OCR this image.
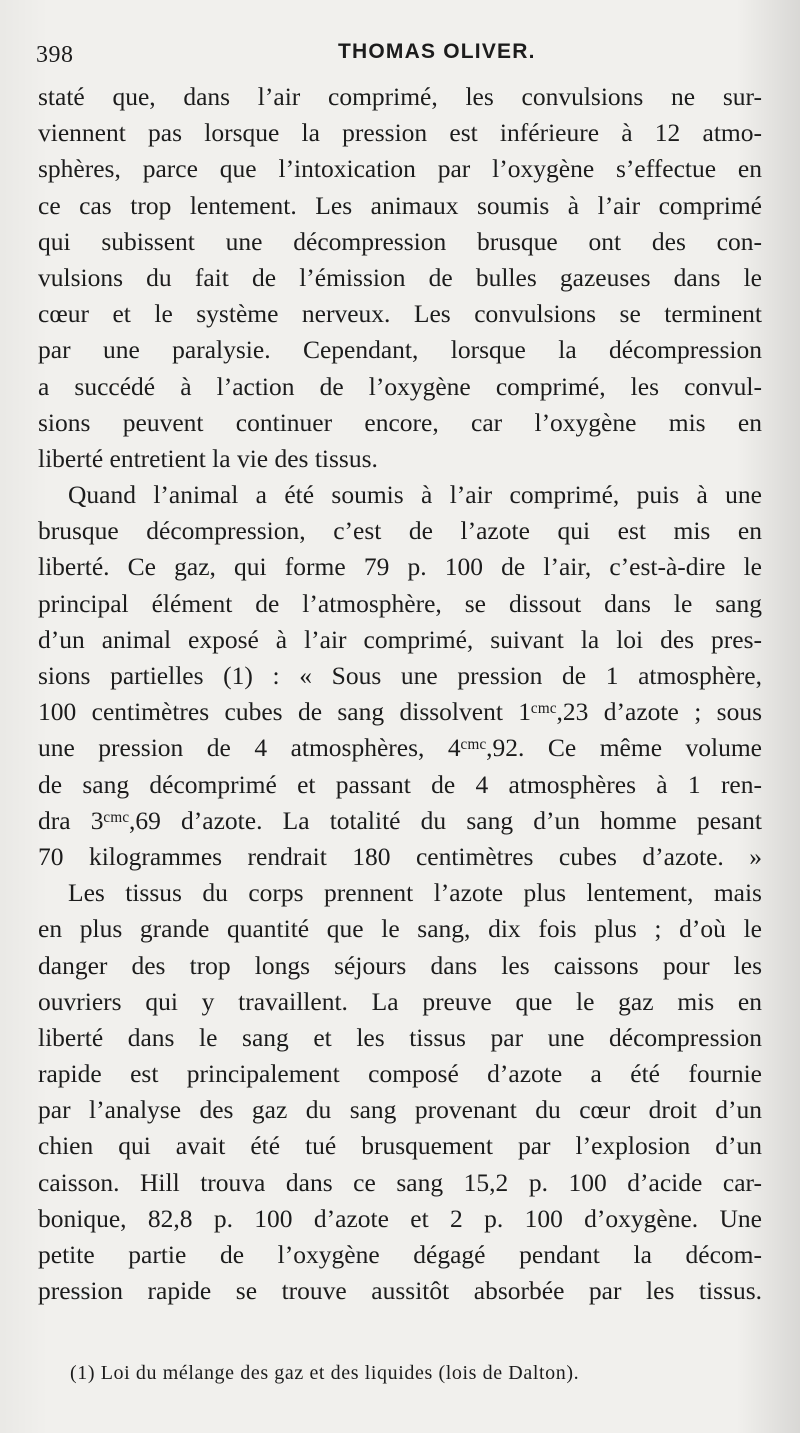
398	THOMAS OLIVER.
staté que, dans l’air comprimé, les convulsions ne sur-
viennent pas lorsque la pression est inférieure à 12 atmo-
sphères, parce que l’intoxication par l’oxygène s’effectue en
ce cas trop lentement. Les animaux soumis à l’air comprimé
qui subissent une décompression brusque ont des con-
vulsions du fait de l’émission de bulles gazeuses dans le
cœur et le système nerveux. Les convulsions se terminent
par une paralysie. Cependant, lorsque la décompression
a succédé à l’action de l’oxygène comprimé, les convul-
sions peuvent continuer encore, car l’oxygène mis en
liberté entretient la vie des tissus.
Quand l’animal a été soumis à l’air comprimé, puis à une
brusque décompression, c’est de l’azote qui est mis en
liberté. Ce gaz, qui forme 79 p. 100 de l’air, c’est-à-dire le
principal élément de l’atmosphère, se dissout dans le sang
d’un animal exposé à l’air comprimé, suivant la loi des pres-
sions partielles (1) : « Sous une pression de 1 atmosphère,
100 centimètres cubes de sang dissolvent 1ᶜᵐᶜ,23 d’azote ; sous
une pression de 4 atmosphères, 4ᶜᵐᶜ,92. Ce même volume
de sang décomprimé et passant de 4 atmosphères à 1 ren-
dra 3ᶜᵐᶜ,69 d’azote. La totalité du sang d’un homme pesant
70 kilogrammes rendrait 180 centimètres cubes d’azote. »
Les tissus du corps prennent l’azote plus lentement, mais
en plus grande quantité que le sang, dix fois plus ; d’où le
danger des trop longs séjours dans les caissons pour les
ouvriers qui y travaillent. La preuve que le gaz mis en
liberté dans le sang et les tissus par une décompression
rapide est principalement composé d’azote a été fournie
par l’analyse des gaz du sang provenant du cœur droit d’un
chien qui avait été tué brusquement par l’explosion d’un
caisson. Hill trouva dans ce sang 15,2 p. 100 d’acide car-
bonique, 82,8 p. 100 d’azote et 2 p. 100 d’oxygène. Une
petite partie de l’oxygène dégagé pendant la décom-
pression rapide se trouve aussitôt absorbée par les tissus.
(1) Loi du mélange des gaz et des liquides (lois de Dalton).
